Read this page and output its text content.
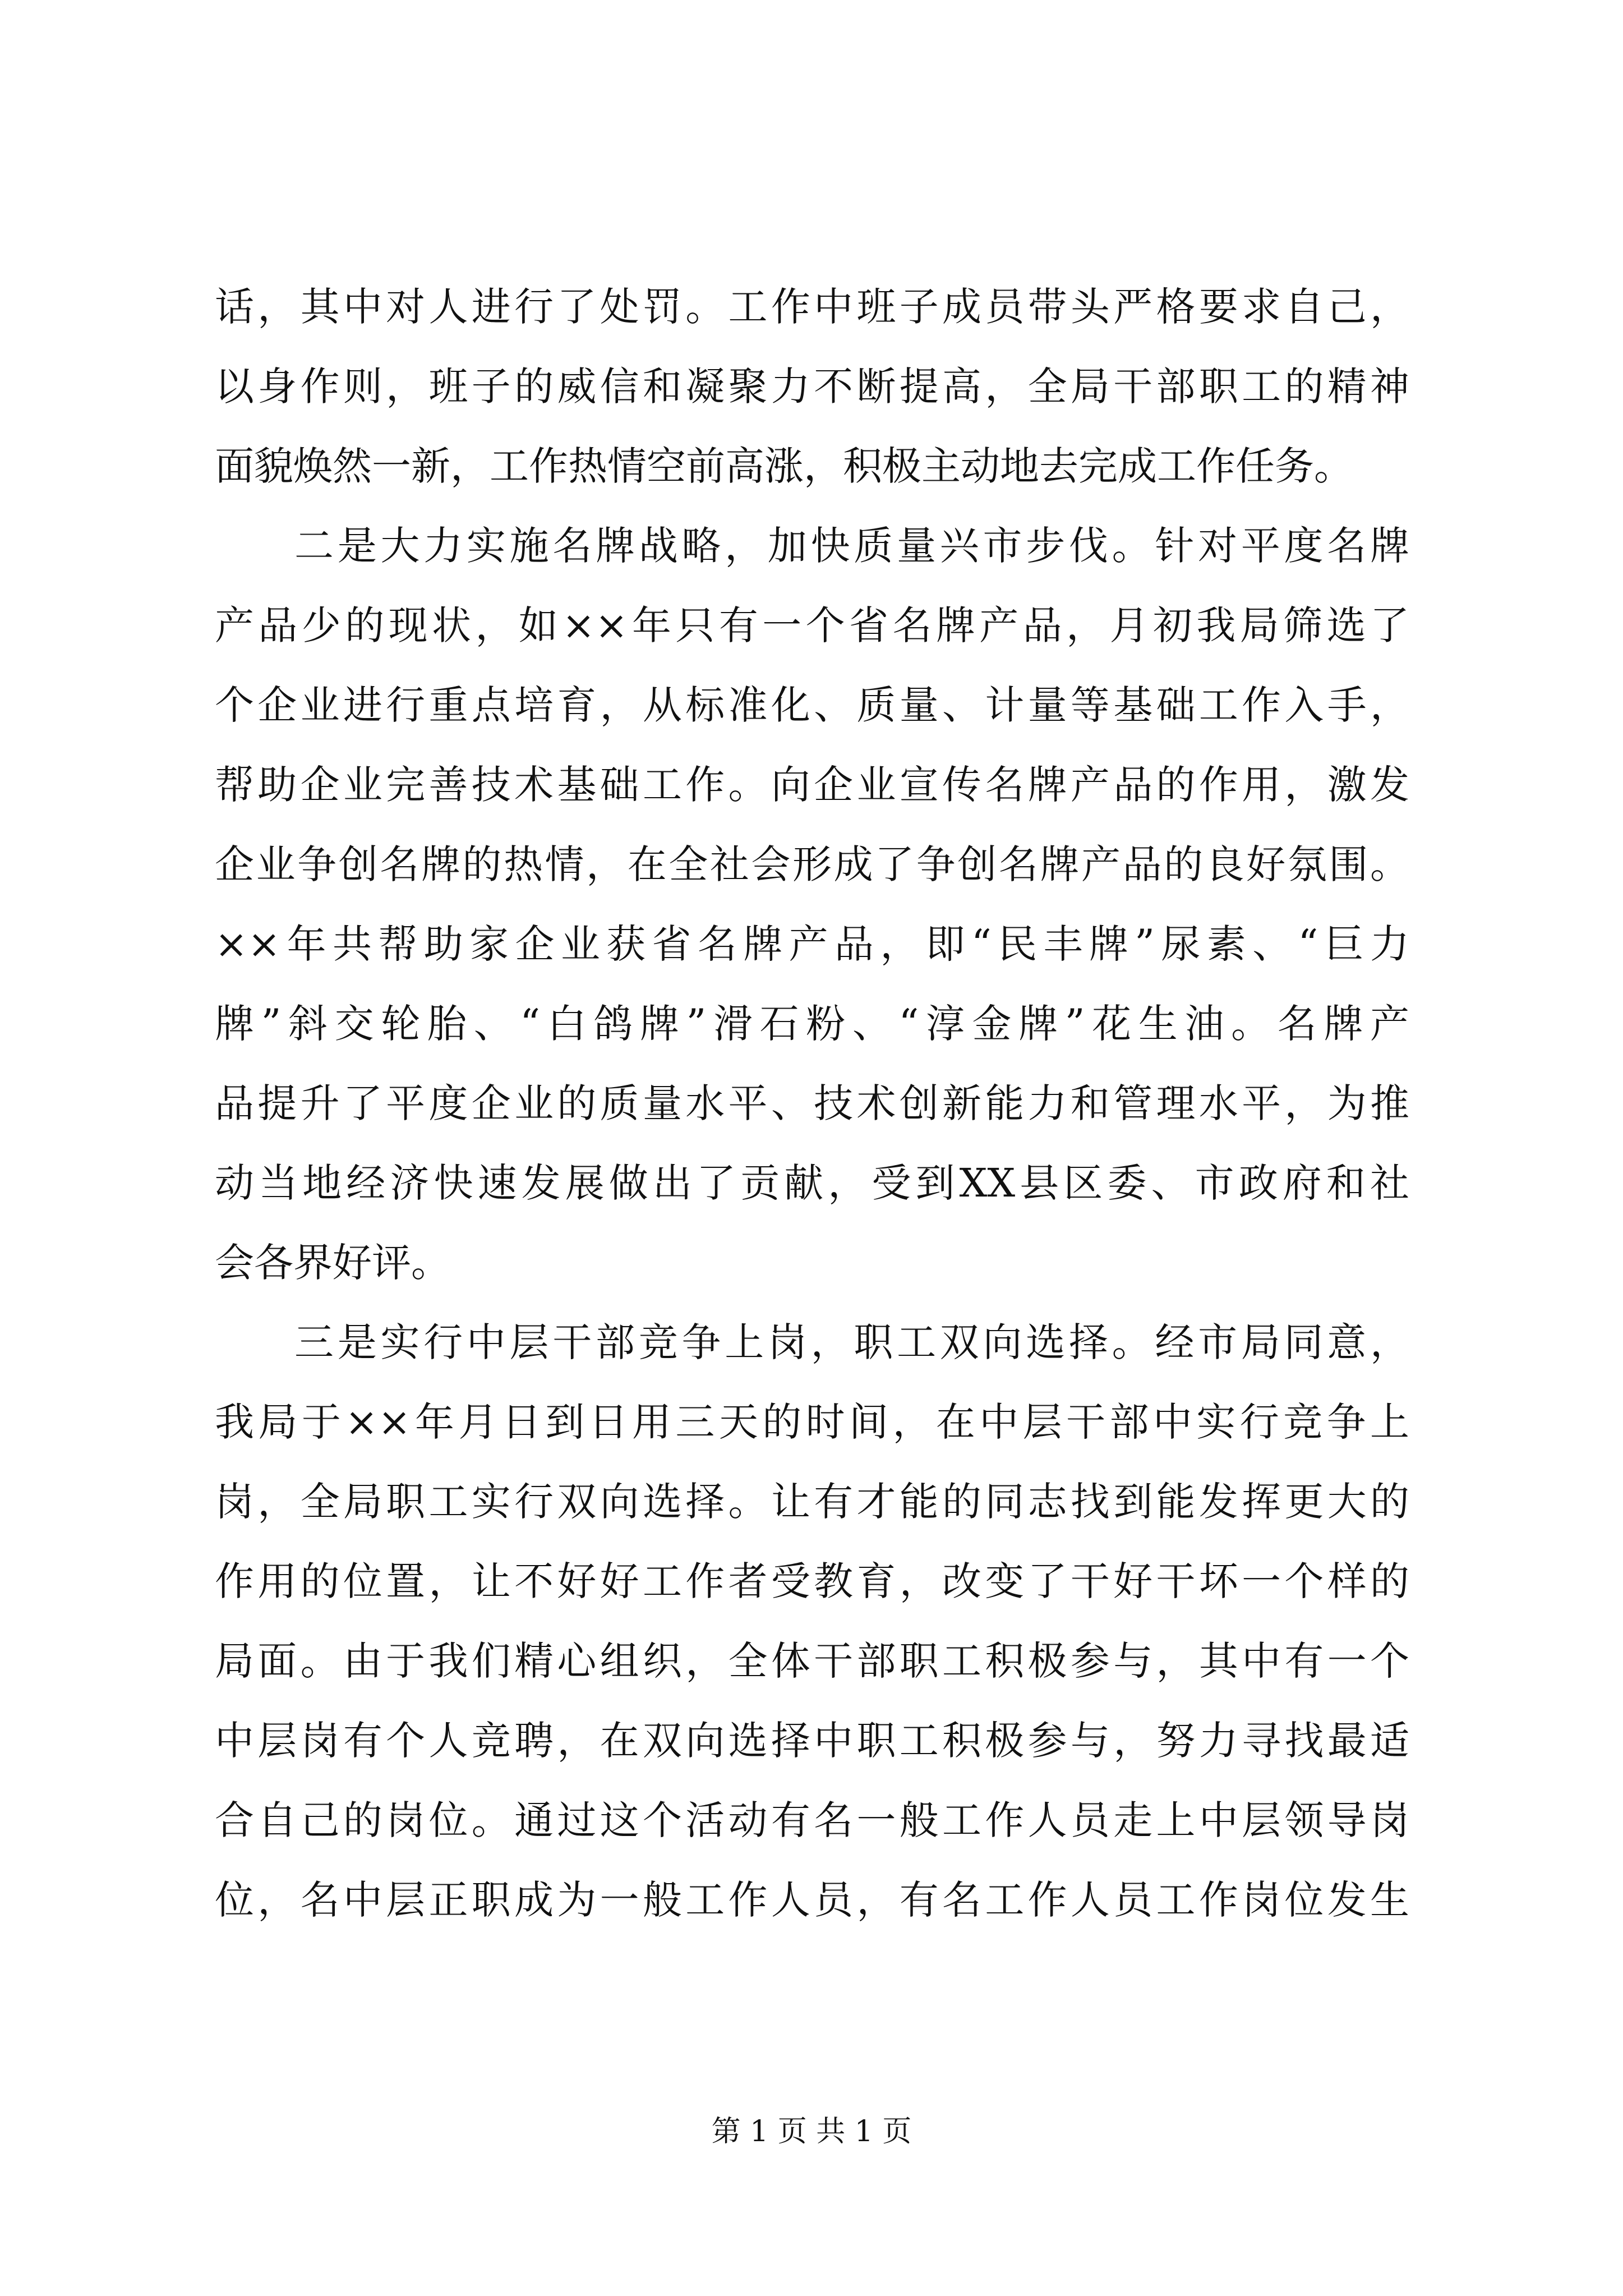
话，其中对人进行了处罚。工作中班子成员带头严格要求自己，
以身作则，班子的威信和凝聚力不断提高，全局干部职工的精神
面貌焕然一新，工作热情空前高涨，积极主动地去完成工作任务。
二是大力实施名牌战略，加快质量兴市步伐。针对平度名牌
产品少的现状，如××年只有一个省名牌产品，月初我局筛选了
个企业进行重点培育，从标准化、质量、计量等基础工作入手，
帮助企业完善技术基础工作。向企业宣传名牌产品的作用，激发
企业争创名牌的热情，在全社会形成了争创名牌产品的良好氛围。
××年共帮助家企业获省名牌产品，即“民丰牌”尿素、“巨力
牌”斜交轮胎、“白鸽牌”滑石粉、“淳金牌”花生油。名牌产
品提升了平度企业的质量水平、技术创新能力和管理水平，为推
动当地经济快速发展做出了贡献，受到XX县区委、市政府和社
会各界好评。
三是实行中层干部竞争上岗，职工双向选择。经市局同意，
我局于××年月日到日用三天的时间，在中层干部中实行竞争上
岗，全局职工实行双向选择。让有才能的同志找到能发挥更大的
作用的位置，让不好好工作者受教育，改变了干好干坏一个样的
局面。由于我们精心组织，全体干部职工积极参与，其中有一个
中层岗有个人竞聘，在双向选择中职工积极参与，努力寻找最适
合自己的岗位。通过这个活动有名一般工作人员走上中层领导岗
位，名中层正职成为一般工作人员，有名工作人员工作岗位发生
第 1 页 共 1 页
